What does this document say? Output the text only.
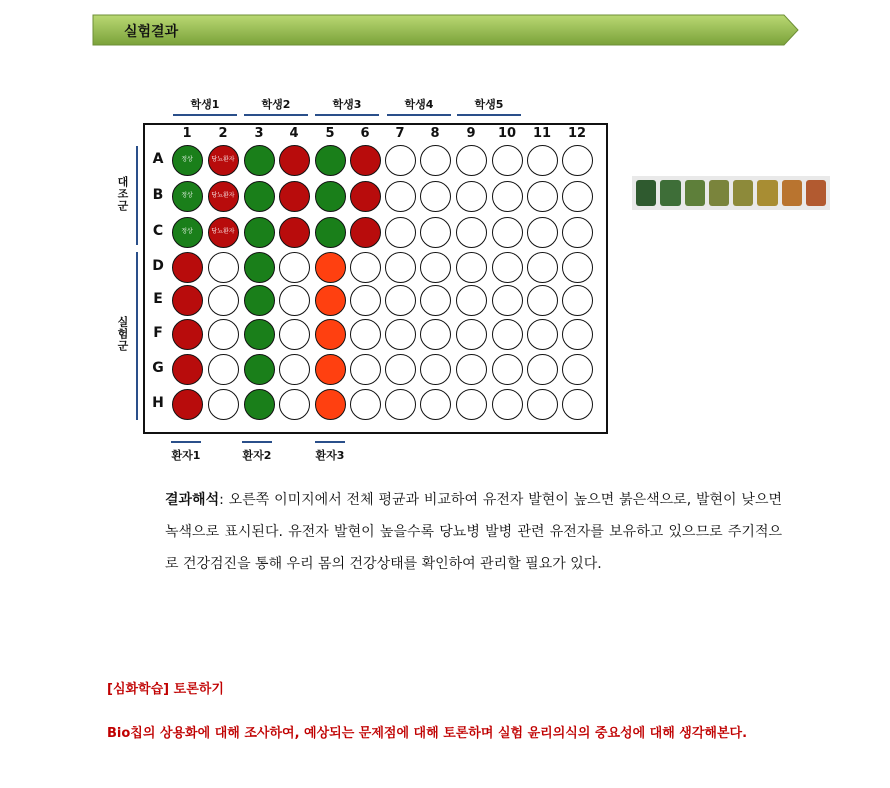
실험결과
학생1	학생2	학생3	학생4	학생5
1	2	3	4	5	6	7	8	9	10 11 12
A	정상	당뇨환자
B	정상	당뇨환자
C	정상	당뇨환자
D
E
F
G
H
대조군
실험군
환자1	환자2	환자3
결과해석: 오른쪽 이미지에서 전체 평균과 비교하여 유전자 발현이 높으면 붉은색으로, 발현이 낮으면 녹색으로 표시된다. 유전자 발현이 높을수록 당뇨병 발병 관련 유전자를 보유하고 있으므로 주기적으로 건강검진을 통해 우리 몸의 건강상태를 확인하여 관리할 필요가 있다.
[심화학습] 토론하기
Bio칩의 상용화에 대해 조사하여, 예상되는 문제점에 대해 토론하며 실험 윤리의식의 중요성에 대해 생각해본다.
